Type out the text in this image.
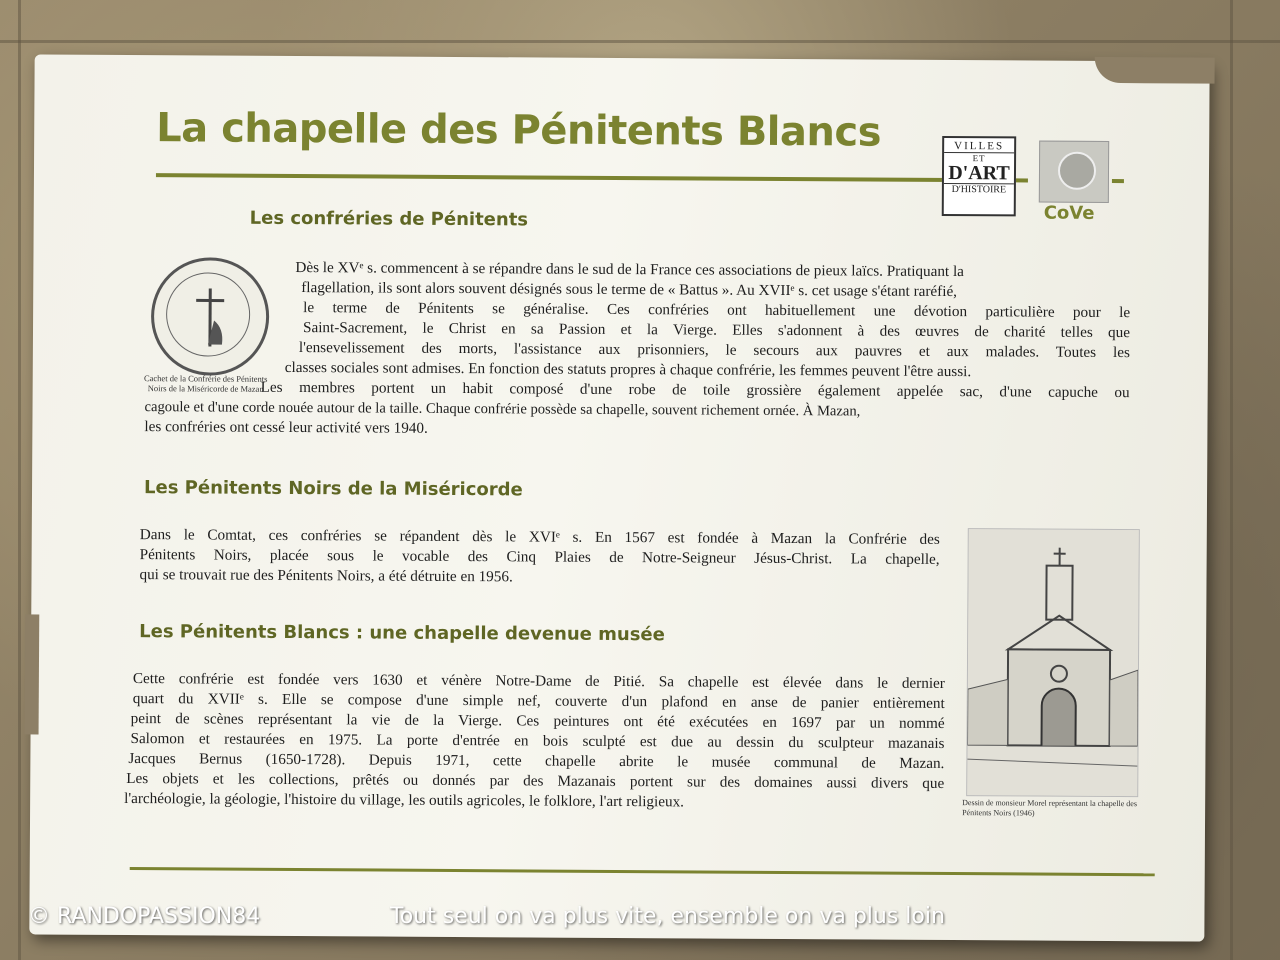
La chapelle des Pénitents Blancs	VILLES
ET
D'ART
D'HISTOIRE
CoVe
Les confréries de Pénitents

Cachet de la Confrérie des Pénitents Noirs de la Miséricorde de Mazan

Dès le XVᵉ s. commencent à se répandre dans le sud de la France ces associations de pieux laïcs. Pratiquant la

flagellation, ils sont alors souvent désignés sous le terme de « Battus ». Au XVIIᵉ s. cet usage s'étant raréfié,

le terme de Pénitents se généralise. Ces confréries ont habituellement une dévotion particulière pour le

Saint-Sacrement, le Christ en sa Passion et la Vierge. Elles s'adonnent à des œuvres de charité telles que

l'ensevelissement des morts, l'assistance aux prisonniers, le secours aux pauvres et aux malades. Toutes les

classes sociales sont admises. En fonction des statuts propres à chaque confrérie, les femmes peuvent l'être aussi.

Les membres portent un habit composé d'une robe de toile grossière également appelée sac, d'une capuche ou

cagoule et d'une corde nouée autour de la taille. Chaque confrérie possède sa chapelle, souvent richement ornée. À Mazan,

les confréries ont cessé leur activité vers 1940.

Les Pénitents Noirs de la Miséricorde

Dans le Comtat, ces confréries se répandent dès le XVIᵉ s. En 1567 est fondée à Mazan la Confrérie des

Pénitents Noirs, placée sous le vocable des Cinq Plaies de Notre-Seigneur Jésus-Christ. La chapelle,

qui se trouvait rue des Pénitents Noirs, a été détruite en 1956.

Les Pénitents Blancs : une chapelle devenue musée

Cette confrérie est fondée vers 1630 et vénère Notre-Dame de Pitié. Sa chapelle est élevée dans le dernier

quart du XVIIᵉ s. Elle se compose d'une simple nef, couverte d'un plafond en anse de panier entièrement

peint de scènes représentant la vie de la Vierge. Ces peintures ont été exécutées en 1697 par un nommé

Salomon et restaurées en 1975. La porte d'entrée en bois sculpté est due au dessin du sculpteur mazanais

Jacques Bernus (1650-1728). Depuis 1971, cette chapelle abrite le musée communal de Mazan.

Les objets et les collections, prêtés ou donnés par des Mazanais portent sur des domaines aussi divers que

l'archéologie, la géologie, l'histoire du village, les outils agricoles, le folklore, l'art religieux.	Dessin de monsieur Morel représentant la chapelle des Pénitents Noirs (1946)

© RANDOPASSION84	Tout seul on va plus vite, ensemble on va plus loin
